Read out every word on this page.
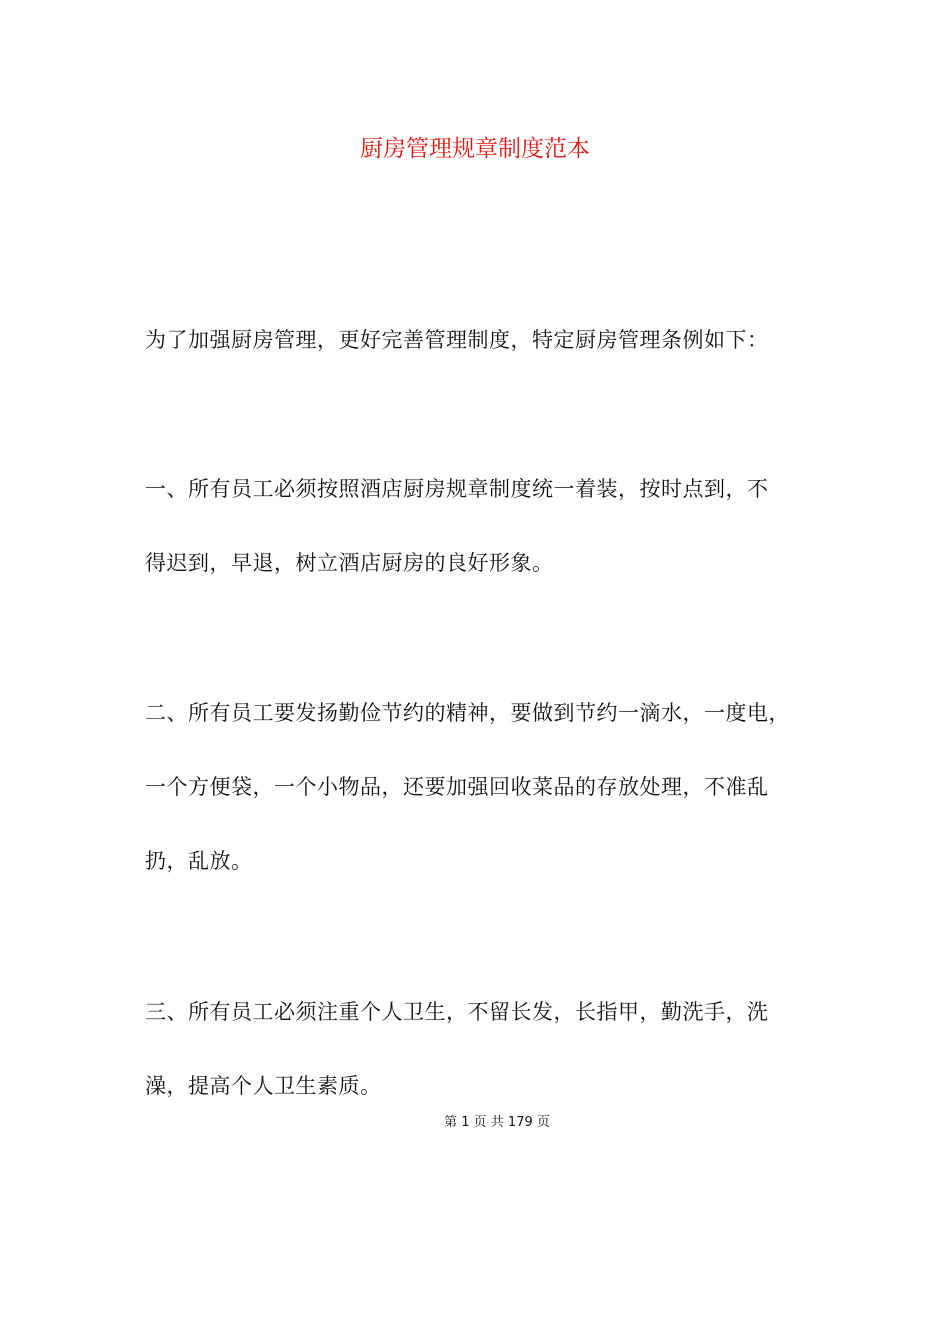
厨房管理规章制度范本

为了加强厨房管理，更好完善管理制度，特定厨房管理条例如下：

一、所有员工必须按照酒店厨房规章制度统一着装，按时点到，不
得迟到，早退，树立酒店厨房的良好形象。

二、所有员工要发扬勤俭节约的精神，要做到节约一滴水，一度电，
一个方便袋，一个小物品，还要加强回收菜品的存放处理，不准乱
扔，乱放。

三、所有员工必须注重个人卫生，不留长发，长指甲，勤洗手，洗
澡，提高个人卫生素质。

第 1 页 共 179 页
